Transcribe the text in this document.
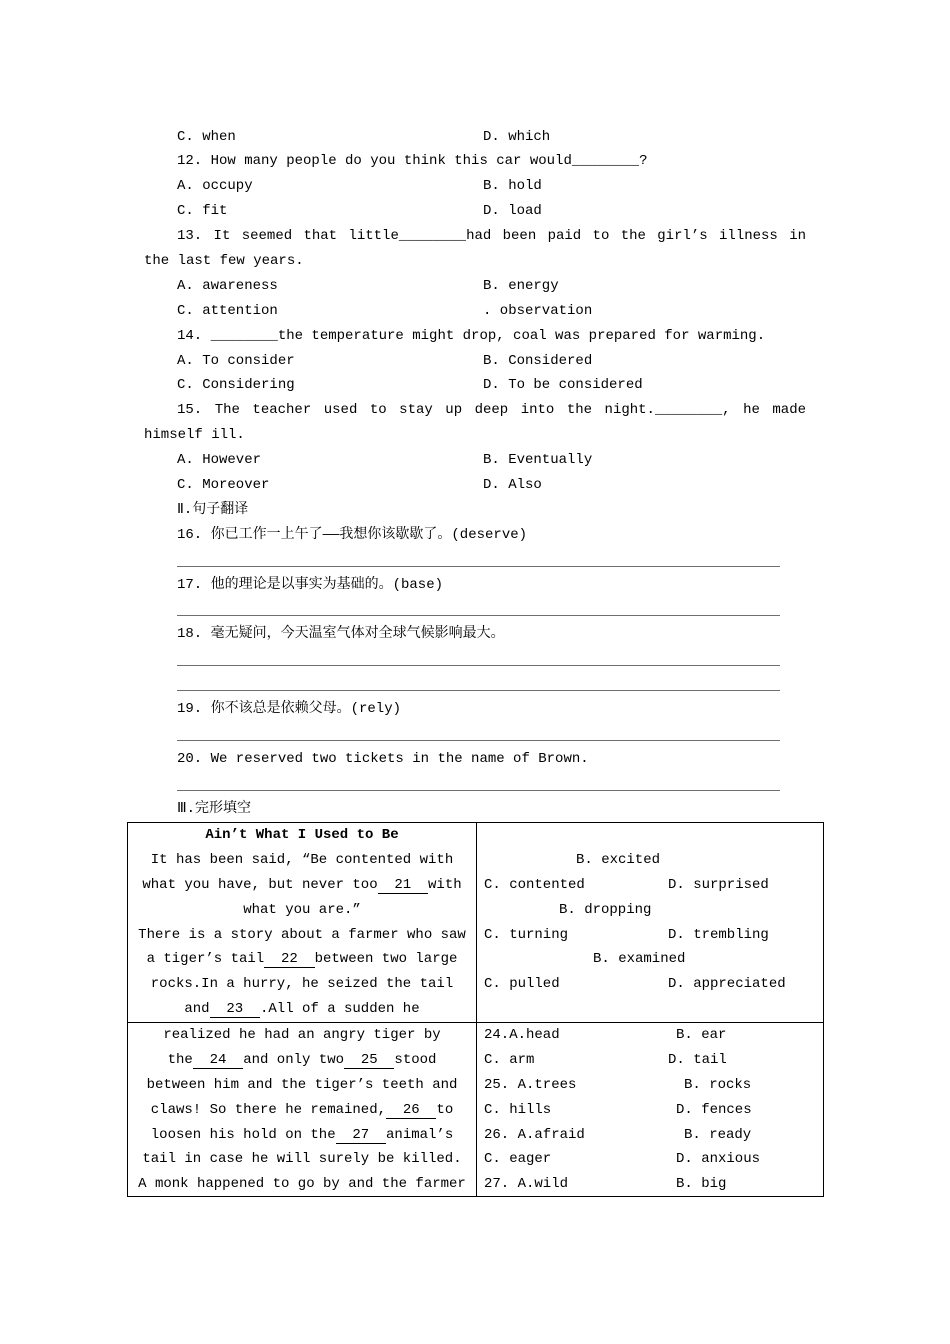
C. when	D. which
12. How many people do you think this car would________?
A. occupy	B. hold
C. fit	D. load
13. It seemed that little________had been paid to the girl’s illness in
the last few years.
A. awareness	B. energy
C. attention	. observation
14. ________the temperature might drop, coal was prepared for warming.
A. To consider	B. Considered
C. Considering	D. To be considered
15. The teacher used to stay up deep into the night.________, he made
himself ill.
A. However	B. Eventually
C. Moreover	D. Also
Ⅱ.句子翻译
16. 你已工作一上午了——我想你该歇歇了。(deserve)
17. 他的理论是以事实为基础的。(base)
18. 毫无疑问，今天温室气体对全球气候影响最大。
19. 你不该总是依赖父母。(rely)
20. We reserved two tickets in the name of Brown.
Ⅲ.完形填空
Ain’t What I Used to Be
It has been said, “Be contented with
what you have, but never too 21 with
what you are.”
There is a story about a farmer who saw
a tiger’s tail 22 between two large
rocks.In a hurry, he seized the tail
and 23 .All of a sudden he
B. excited
C. contented	D. surprised
B. dropping
C. turning	D. trembling
B. examined
C. pulled	D. appreciated
realized he had an angry tiger by
the 24 and only two 25 stood
between him and the tiger’s teeth and
claws! So there he remained, 26 to
loosen his hold on the 27 animal’s
tail in case he will surely be killed.
A monk happened to go by and the farmer
24.A.head	B. ear
C. arm	D. tail
25. A.trees	B. rocks
C. hills	D. fences
26. A.afraid	B. ready
C. eager	D. anxious
27. A.wild	B. big
